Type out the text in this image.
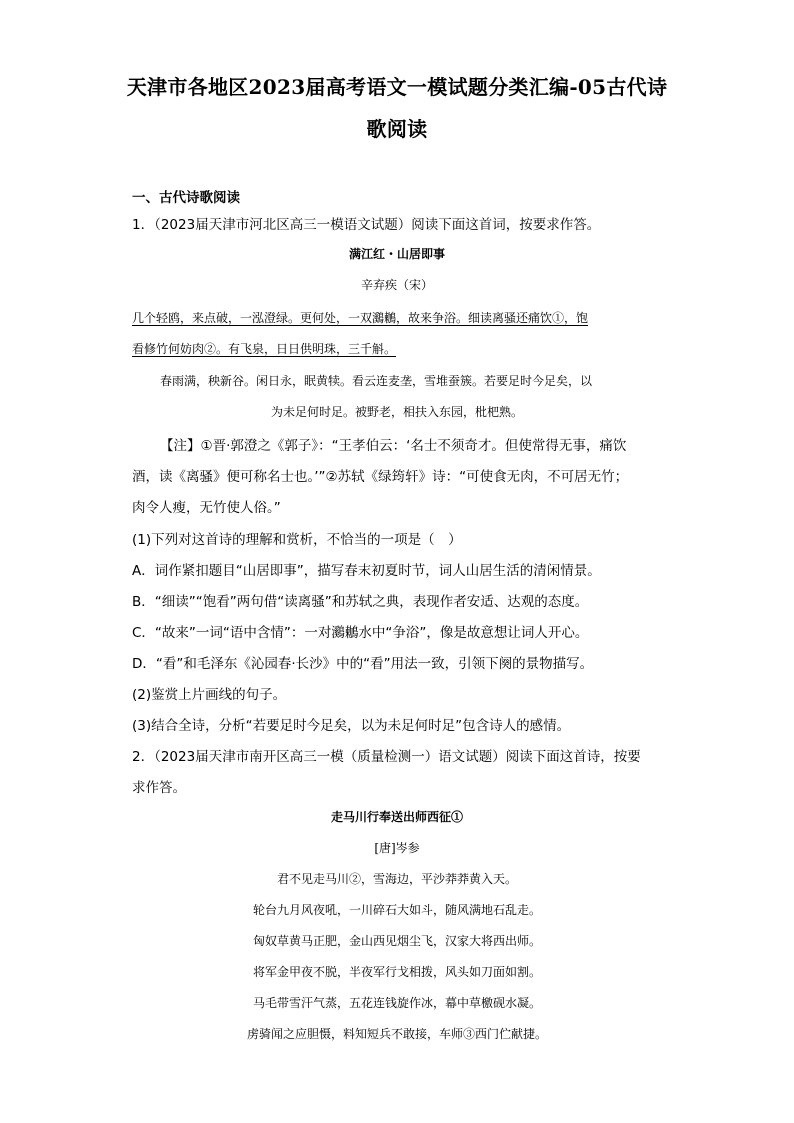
天津市各地区2023届高考语文一模试题分类汇编-05古代诗歌阅读
一、古代诗歌阅读
1．（2023届天津市河北区高三一模语文试题）阅读下面这首词，按要求作答。
满江红・山居即事
辛弃疾（宋）
几个轻鸥，来点破，一泓澄绿。更何处，一双鸂鶒，故来争浴。细读离骚还痛饮①，饱
看修竹何妨肉②。有飞泉，日日供明珠，三千斛。
春雨满，秧新谷。闲日永，眠黄犊。看云连麦垄，雪堆蚕簇。若要足时今足矣，以
为未足何时足。被野老，相扶入东园，枇杷熟。
【注】①晋·郭澄之《郭子》：“王孝伯云：‘名士不须奇才。但使常得无事，痛饮
酒，读《离骚》便可称名士也。’”②苏轼《绿筠轩》诗：“可使食无肉，不可居无竹；
肉令人瘦，无竹使人俗。”
(1)下列对这首诗的理解和赏析，不恰当的一项是（　）
A．词作紧扣题目“山居即事”，描写春末初夏时节，词人山居生活的清闲情景。
B．“细读”“饱看”两句借“读离骚”和苏轼之典，表现作者安适、达观的态度。
C．“故来”一词“语中含情”：一对鸂鶒水中“争浴”，像是故意想让词人开心。
D．“看”和毛泽东《沁园春·长沙》中的“看”用法一致，引领下阕的景物描写。
(2)鉴赏上片画线的句子。
(3)结合全诗，分析“若要足时今足矣，以为未足何时足”包含诗人的感情。
2．（2023届天津市南开区高三一模（质量检测一）语文试题）阅读下面这首诗，按要
求作答。
走马川行奉送出师西征①
[唐]岑参
君不见走马川②，雪海边，平沙莽莽黄入天。
轮台九月风夜吼，一川碎石大如斗，随风满地石乱走。
匈奴草黄马正肥，金山西见烟尘飞，汉家大将西出师。
将军金甲夜不脱，半夜军行戈相拨，风头如刀面如割。
马毛带雪汗气蒸，五花连钱旋作冰，幕中草檄砚水凝。
虏骑闻之应胆慑，料知短兵不敢接，车师③西门伫献捷。
